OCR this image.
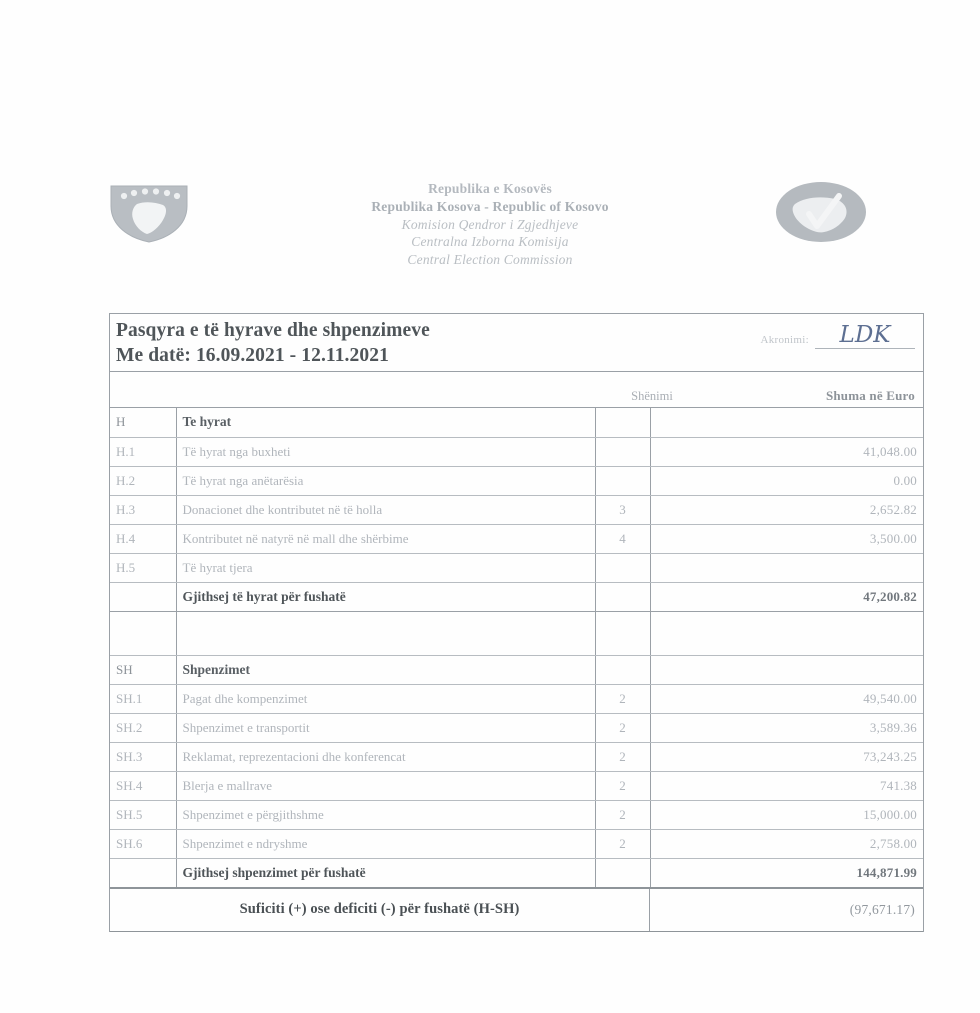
Republika e Kosovës
Republika Kosova - Republic of Kosovo
Komision Qendror i Zgjedhjeve
Centralna Izborna Komisija
Central Election Commission
Pasqyra e të hyrave dhe shpenzimeve
Me datë: 16.09.2021 - 12.11.2021
Akronimi:	LDK
Shënimi	Shuma në Euro
H	Te hyrat		
H.1	Të hyrat nga buxheti		41,048.00
H.2	Të hyrat nga anëtarësia		0.00
H.3	Donacionet dhe kontributet në të holla	3	2,652.82
H.4	Kontributet në natyrë në mall dhe shërbime	4	3,500.00
H.5	Të hyrat tjera		
	Gjithsej të hyrat për fushatë		47,200.82

SH	Shpenzimet		
SH.1	Pagat dhe kompenzimet	2	49,540.00
SH.2	Shpenzimet e transportit	2	3,589.36
SH.3	Reklamat, reprezentacioni dhe konferencat	2	73,243.25
SH.4	Blerja e mallrave	2	741.38
SH.5	Shpenzimet e përgjithshme	2	15,000.00
SH.6	Shpenzimet e ndryshme	2	2,758.00
	Gjithsej shpenzimet për fushatë		144,871.99
Suficiti (+) ose deficiti (-) për fushatë (H-SH)	(97,671.17)
